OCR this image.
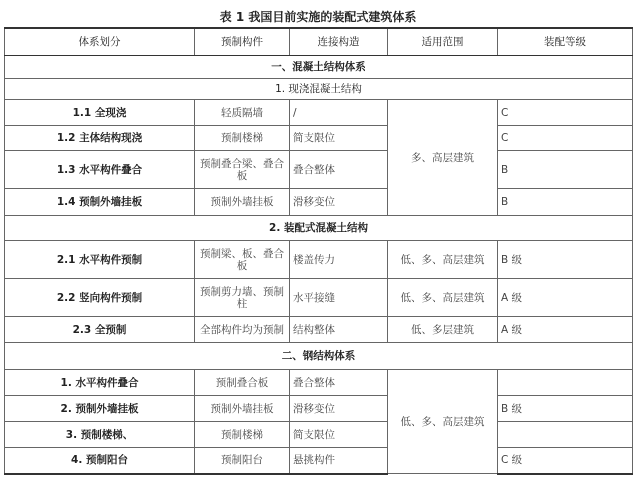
表 1 我国目前实施的装配式建筑体系
体系划分	预制构件	连接构造	适用范围	装配等级
一、混凝土结构体系				
1. 现浇混凝土结构				
1.1 全现浇	轻质隔墙	/	多、高层建筑	C
1.2 主体结构现浇	预制楼梯	简支限位		C
1.3 水平构件叠合	预制叠合梁、叠合板	叠合整体		B
1.4 预制外墙挂板	预制外墙挂板	滑移变位		B
2. 装配式混凝土结构				
2.1 水平构件预制	预制梁、板、叠合板	楼盖传力	低、多、高层建筑	B 级
2.2 竖向构件预制	预制剪力墙、预制柱	水平接缝	低、多、高层建筑	A 级
2.3 全预制	全部构件均为预制	结构整体	低、多层建筑	A 级
二、钢结构体系				
1. 水平构件叠合	预制叠合板	叠合整体	低、多、高层建筑	
2. 预制外墙挂板	预制外墙挂板	滑移变位		B 级
3. 预制楼梯、	预制楼梯	简支限位		
4. 预制阳台	预制阳台	悬挑构件		C 级
